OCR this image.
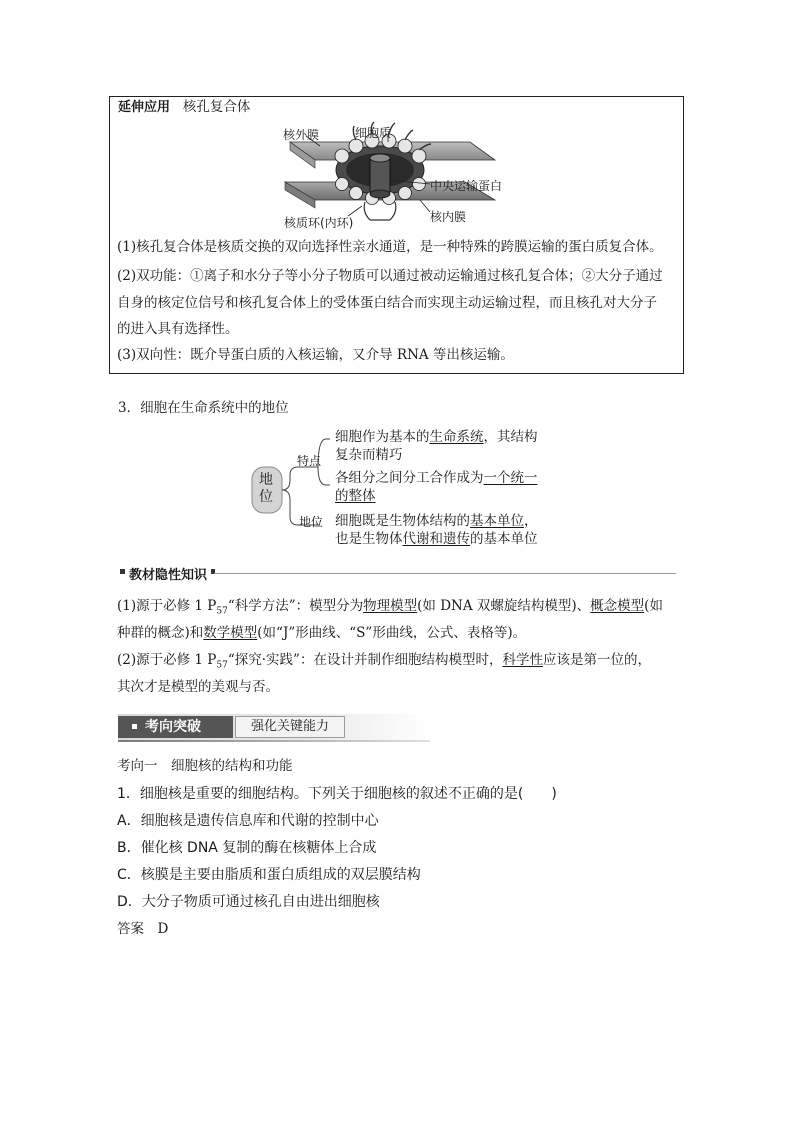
延伸应用 核孔复合体
核外膜	细胞质
中央运输蛋白
核质环(内环)	核内膜
(1)核孔复合体是核质交换的双向选择性亲水通道，是一种特殊的跨膜运输的蛋白质复合体。
(2)双功能：①离子和水分子等小分子物质可以通过被动运输通过核孔复合体；②大分子通过
自身的核定位信号和核孔复合体上的受体蛋白结合而实现主动运输过程，而且核孔对大分子
的进入具有选择性。
(3)双向性：既介导蛋白质的入核运输，又介导 RNA 等出核运输。
3．细胞在生命系统中的地位
地位
特点
地位
细胞作为基本的生命系统，其结构
复杂而精巧
各组分之间分工合作成为一个统一
的整体
细胞既是生物体结构的基本单位，
也是生物体代谢和遗传的基本单位
教材隐性知识
(1)源于必修 1 $P_{57}“$科学方法”：模型分为物理模型(如 DNA 双螺旋结构模型)、概念模型(如
种群的概念)和数学模型(如“J”形曲线、“S”形曲线，公式、表格等)。
(2)源于必修 1 $P_{57}“$探究·实践”：在设计并制作细胞结构模型时，科学性应该是第一位的，
其次才是模型的美观与否。
考向突破	强化关键能力
考向一　细胞核的结构和功能
1．细胞核是重要的细胞结构。下列关于细胞核的叙述不正确的是(　　)
A．细胞核是遗传信息库和代谢的控制中心
B．催化核 DNA 复制的酶在核糖体上合成
C．核膜是主要由脂质和蛋白质组成的双层膜结构
D．大分子物质可通过核孔自由进出细胞核
答案　D
